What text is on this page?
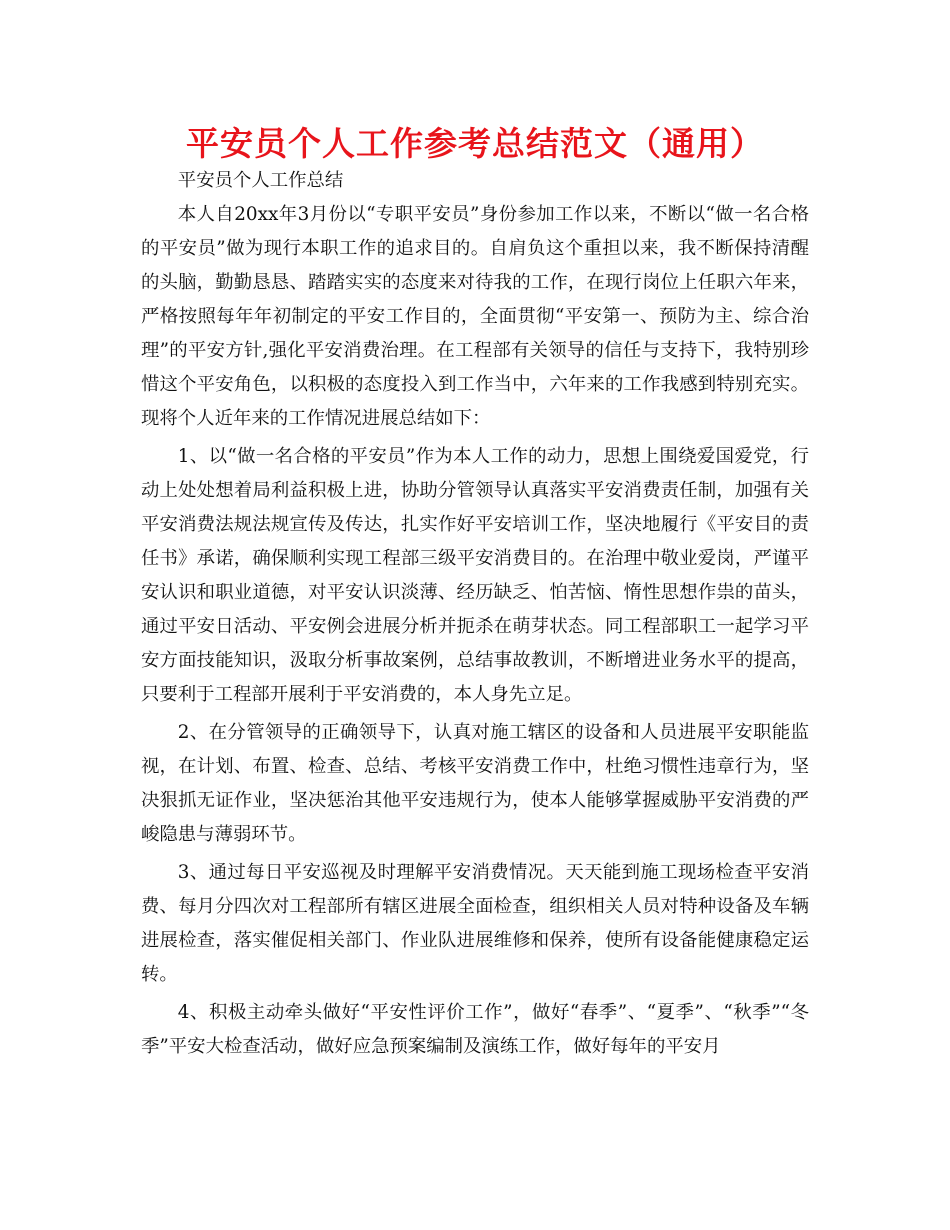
平安员个人工作参考总结范文（通用）

平安员个人工作总结

本人自20xx年3月份以“专职平安员”身份参加工作以来，不断以“做一名合格的平安员”做为现行本职工作的追求目的。自肩负这个重担以来，我不断保持清醒的头脑，勤勤恳恳、踏踏实实的态度来对待我的工作，在现行岗位上任职六年来，严格按照每年年初制定的平安工作目的，全面贯彻“平安第一、预防为主、综合治理”的平安方针,强化平安消费治理。在工程部有关领导的信任与支持下，我特别珍惜这个平安角色，以积极的态度投入到工作当中，六年来的工作我感到特别充实。现将个人近年来的工作情况进展总结如下：

1、以“做一名合格的平安员”作为本人工作的动力，思想上围绕爱国爱党，行动上处处想着局利益积极上进，协助分管领导认真落实平安消费责任制，加强有关平安消费法规法规宣传及传达，扎实作好平安培训工作，坚决地履行《平安目的责任书》承诺，确保顺利实现工程部三级平安消费目的。在治理中敬业爱岗，严谨平安认识和职业道德，对平安认识淡薄、经历缺乏、怕苦恼、惰性思想作祟的苗头，通过平安日活动、平安例会进展分析并扼杀在萌芽状态。同工程部职工一起学习平安方面技能知识，汲取分析事故案例，总结事故教训，不断增进业务水平的提高，只要利于工程部开展利于平安消费的，本人身先立足。

2、在分管领导的正确领导下，认真对施工辖区的设备和人员进展平安职能监视，在计划、布置、检查、总结、考核平安消费工作中，杜绝习惯性违章行为，坚决狠抓无证作业，坚决惩治其他平安违规行为，使本人能够掌握威胁平安消费的严峻隐患与薄弱环节。

3、通过每日平安巡视及时理解平安消费情况。天天能到施工现场检查平安消费、每月分四次对工程部所有辖区进展全面检查，组织相关人员对特种设备及车辆进展检查，落实催促相关部门、作业队进展维修和保养，使所有设备能健康稳定运转。

4、积极主动牵头做好“平安性评价工作”，做好“春季”、“夏季”、“秋季”“冬季”平安大检查活动，做好应急预案编制及演练工作，做好每年的平安月
